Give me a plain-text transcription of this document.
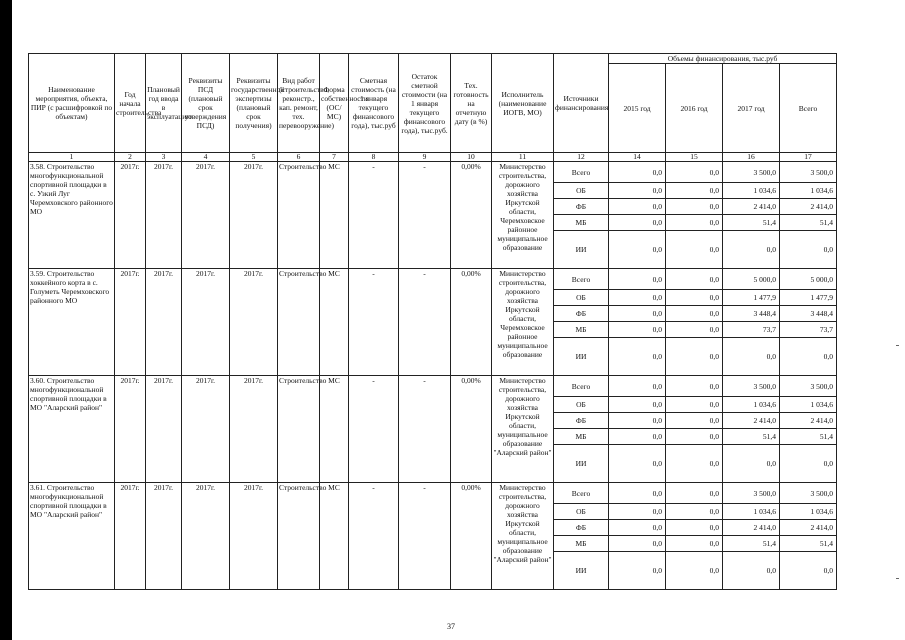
Наименование мероприятия, объекта, ПИР (с расшифровкой по объектам)	Год начала строительства	Плановый год ввода в эксплуатацию	Реквизиты ПСД (плановый срок утверждения ПСД)	Реквизиты государственной экспертизы (плановый срок получения)	Вид работ (строительство, реконстр., кап. ремонт, тех. перевооружение)	Форма собственности (ОС/МС)	Сметная стоимость (на 1 января текущего финансового года), тыс.руб	Остаток сметной стоимости (на 1 января текущего финансового года), тыс.руб.	Тех. готовность на отчетную дату (в %)	Исполнитель (наименование ИОГВ, МО)	Источники финансирования	Объемы финансирования, тыс.руб			
												2015 год	2016 год	2017 год	Всего
1	2	3	4	5	6	7	8	9	10	11	12	14	15	16	17
3.58. Строительство многофункциональной спортивной площадки в с. Узкий Луг Черемховского районного МО	2017г.	2017г.	2017г.	2017г.	Строительство	МС	-	-	0,00%	Министерство строительства, дорожного хозяйства Иркутской области, Черемховское районное муниципальное образование	Всего	0,0	0,0	3 500,0	3 500,0
											ОБ	0,0	0,0	1 034,6	1 034,6
											ФБ	0,0	0,0	2 414,0	2 414,0
											МБ	0,0	0,0	51,4	51,4
											ИИ	0,0	0,0	0,0	0,0
3.59. Строительство хоккейного корта в с. Голуметь Черемховского районного МО	2017г.	2017г.	2017г.	2017г.	Строительство	МС	-	-	0,00%	Министерство строительства, дорожного хозяйства Иркутской области, Черемховское районное муниципальное образование	Всего	0,0	0,0	5 000,0	5 000,0
											ОБ	0,0	0,0	1 477,9	1 477,9
											ФБ	0,0	0,0	3 448,4	3 448,4
											МБ	0,0	0,0	73,7	73,7
											ИИ	0,0	0,0	0,0	0,0
3.60. Строительство многофункциональной спортивной площадки в МО "Аларский район"	2017г.	2017г.	2017г.	2017г.	Строительство	МС	-	-	0,00%	Министерство строительства, дорожного хозяйства Иркутской области, муниципальное образование "Аларский район"	Всего	0,0	0,0	3 500,0	3 500,0
											ОБ	0,0	0,0	1 034,6	1 034,6
											ФБ	0,0	0,0	2 414,0	2 414,0
											МБ	0,0	0,0	51,4	51,4
											ИИ	0,0	0,0	0,0	0,0
3.61. Строительство многофункциональной спортивной площадки в МО "Аларский район"	2017г.	2017г.	2017г.	2017г.	Строительство	МС	-	-	0,00%	Министерство строительства, дорожного хозяйства Иркутской области, муниципальное образование "Аларский район"	Всего	0,0	0,0	3 500,0	3 500,0
											ОБ	0,0	0,0	1 034,6	1 034,6
											ФБ	0,0	0,0	2 414,0	2 414,0
											МБ	0,0	0,0	51,4	51,4
											ИИ	0,0	0,0	0,0	0,0
37
